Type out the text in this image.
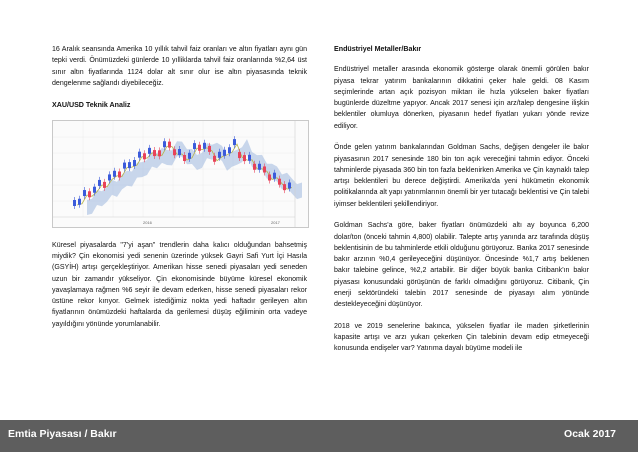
16 Aralık seansında Amerika 10 yıllık tahvil faiz oranları ve altın fiyatları aynı gün tepki verdi. Önümüzdeki günlerde 10 yılliklarda tahvil faiz oranlarında %2,64 üst sınır altın fiyatlarında 1124 dolar alt sınır olur ise altın piyasasında teknik dengelenme sağlandı diyebileceğiz.

XAU/USD Teknik Analiz
2016	2017

Küresel piyasalarda "7'yi aşan" trendlerin daha kalıcı olduğundan bahsetmiş miydik? Çin ekonomisi yedi senenin üzerinde yüksek Gayri Safi Yurt İçi Hasıla (GSYİH) artışı gerçekleştiriyor. Amerikan hisse senedi piyasaları yedi seneden uzun bir zamandır yükseliyor. Çin ekonomisinde büyüme küresel ekonomik yavaşlamaya rağmen %6 seyir ile devam ederken, hisse senedi piyasaları rekor üstüne rekor kırıyor. Gelmek istediğimiz nokta yedi haftadır gerileyen altın fiyatlarının önümüzdeki haftalarda da gerilemesi düşüş eğiliminin orta vadeye yayıldığını yönünde yorumlanabilir.

Endüstriyel Metaller/Bakır

Endüstriyel metaller arasında ekonomik gösterge olarak önemli görülen bakır piyasa tekrar yatırım bankalarının dikkatini çeker hale geldi. 08 Kasım seçimlerinde artan açık pozisyon miktarı ile hızla yükselen baker fiyatları bugünlerde düzeltme yapıyor. Ancak 2017 senesi için arz/talep dengesine ilişkin beklentiler olumluya dönerken, piyasanın hedef fiyatları yukarı yönde revize ediliyor.

Önde gelen yatırım bankalarından Goldman Sachs, değişen dengeler ile bakır piyasasının 2017 senesinde 180 bin ton açık vereceğini tahmin ediyor. Önceki tahminlerde piyasada 360 bin ton fazla beklenirken Amerika ve Çin kaynaklı talep artışı beklentileri bu derece değiştirdi. Amerika'da yeni hükümetin ekonomik politikalarında alt yapı yatırımlarının önemli bir yer tutacağı beklentisi ve Çin talebi iyimser beklentileri şekillendiriyor.

Goldman Sachs'a göre, baker fiyatları önümüzdeki altı ay boyunca 6,200 dolar/ton (önceki tahmin 4,800) olabilir. Talepte artış yanında arz tarafında düşüş beklentisinin de bu tahminlerde etkili olduğunu görüyoruz. Banka 2017 senesinde bakır arzının %0,4 gerileyeceğini düşünüyor. Öncesinde %1,7 artış beklenen bakır talebine gelince, %2,2 artabilir. Bir diğer büyük banka Citibank'ın bakır piyasası konusundaki görüşünün de farklı olmadığını görüyoruz. Citibank, Çin enerji sektöründeki talebin 2017 senesinde de piyasayı alım yönünde destekleyeceğini düşünüyor.

2018 ve 2019 senelerine bakınca, yükselen fiyatlar ile maden şirketlerinin kapasite artışı ve arzı yukarı çekerken Çin talebinin devam edip etmeyeceği konusunda endişeler var? Yatırıma dayalı büyüme modeli ile

Emtia Piyasası / Bakır	Ocak 2017
